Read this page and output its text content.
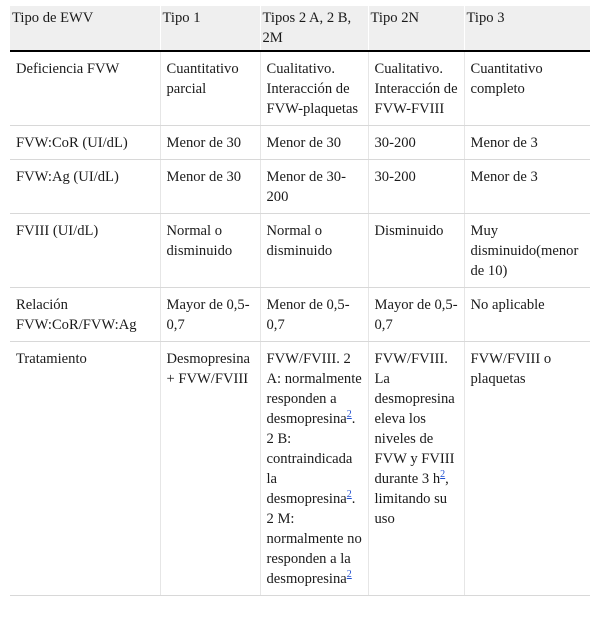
Tipo de EWV	Tipo 1	Tipos 2 A, 2 B, 2M	Tipo 2N	Tipo 3
Deficiencia FVW	Cuantitativo parcial	Cualitativo. Interacción de FVW-plaquetas	Cualitativo. Interacción de FVW-FVIII	Cuantitativo completo
FVW:CoR (UI/dL)	Menor de 30	Menor de 30	30-200	Menor de 3
FVW:Ag (UI/dL)	Menor de 30	Menor de 30-200	30-200	Menor de 3
FVIII (UI/dL)	Normal o disminuido	Normal o disminuido	Disminuido	Muy disminuido(menor de 10)
Relación FVW:CoR/FVW:Ag	Mayor de 0,5-0,7	Menor de 0,5-0,7	Mayor de 0,5-0,7	No aplicable
Tratamiento	Desmopresina + FVW/FVIII	FVW/FVIII. 2 A: normalmente responden a desmopresina$^2$. 2 B: contraindicada la desmopresina$^2$. 2 M: normalmente no responden a la desmopresina$^2$	FVW/FVIII. La desmopresina eleva los niveles de FVW y FVIII durante 3 $h^2$, limitando su uso	FVW/FVIII o plaquetas
